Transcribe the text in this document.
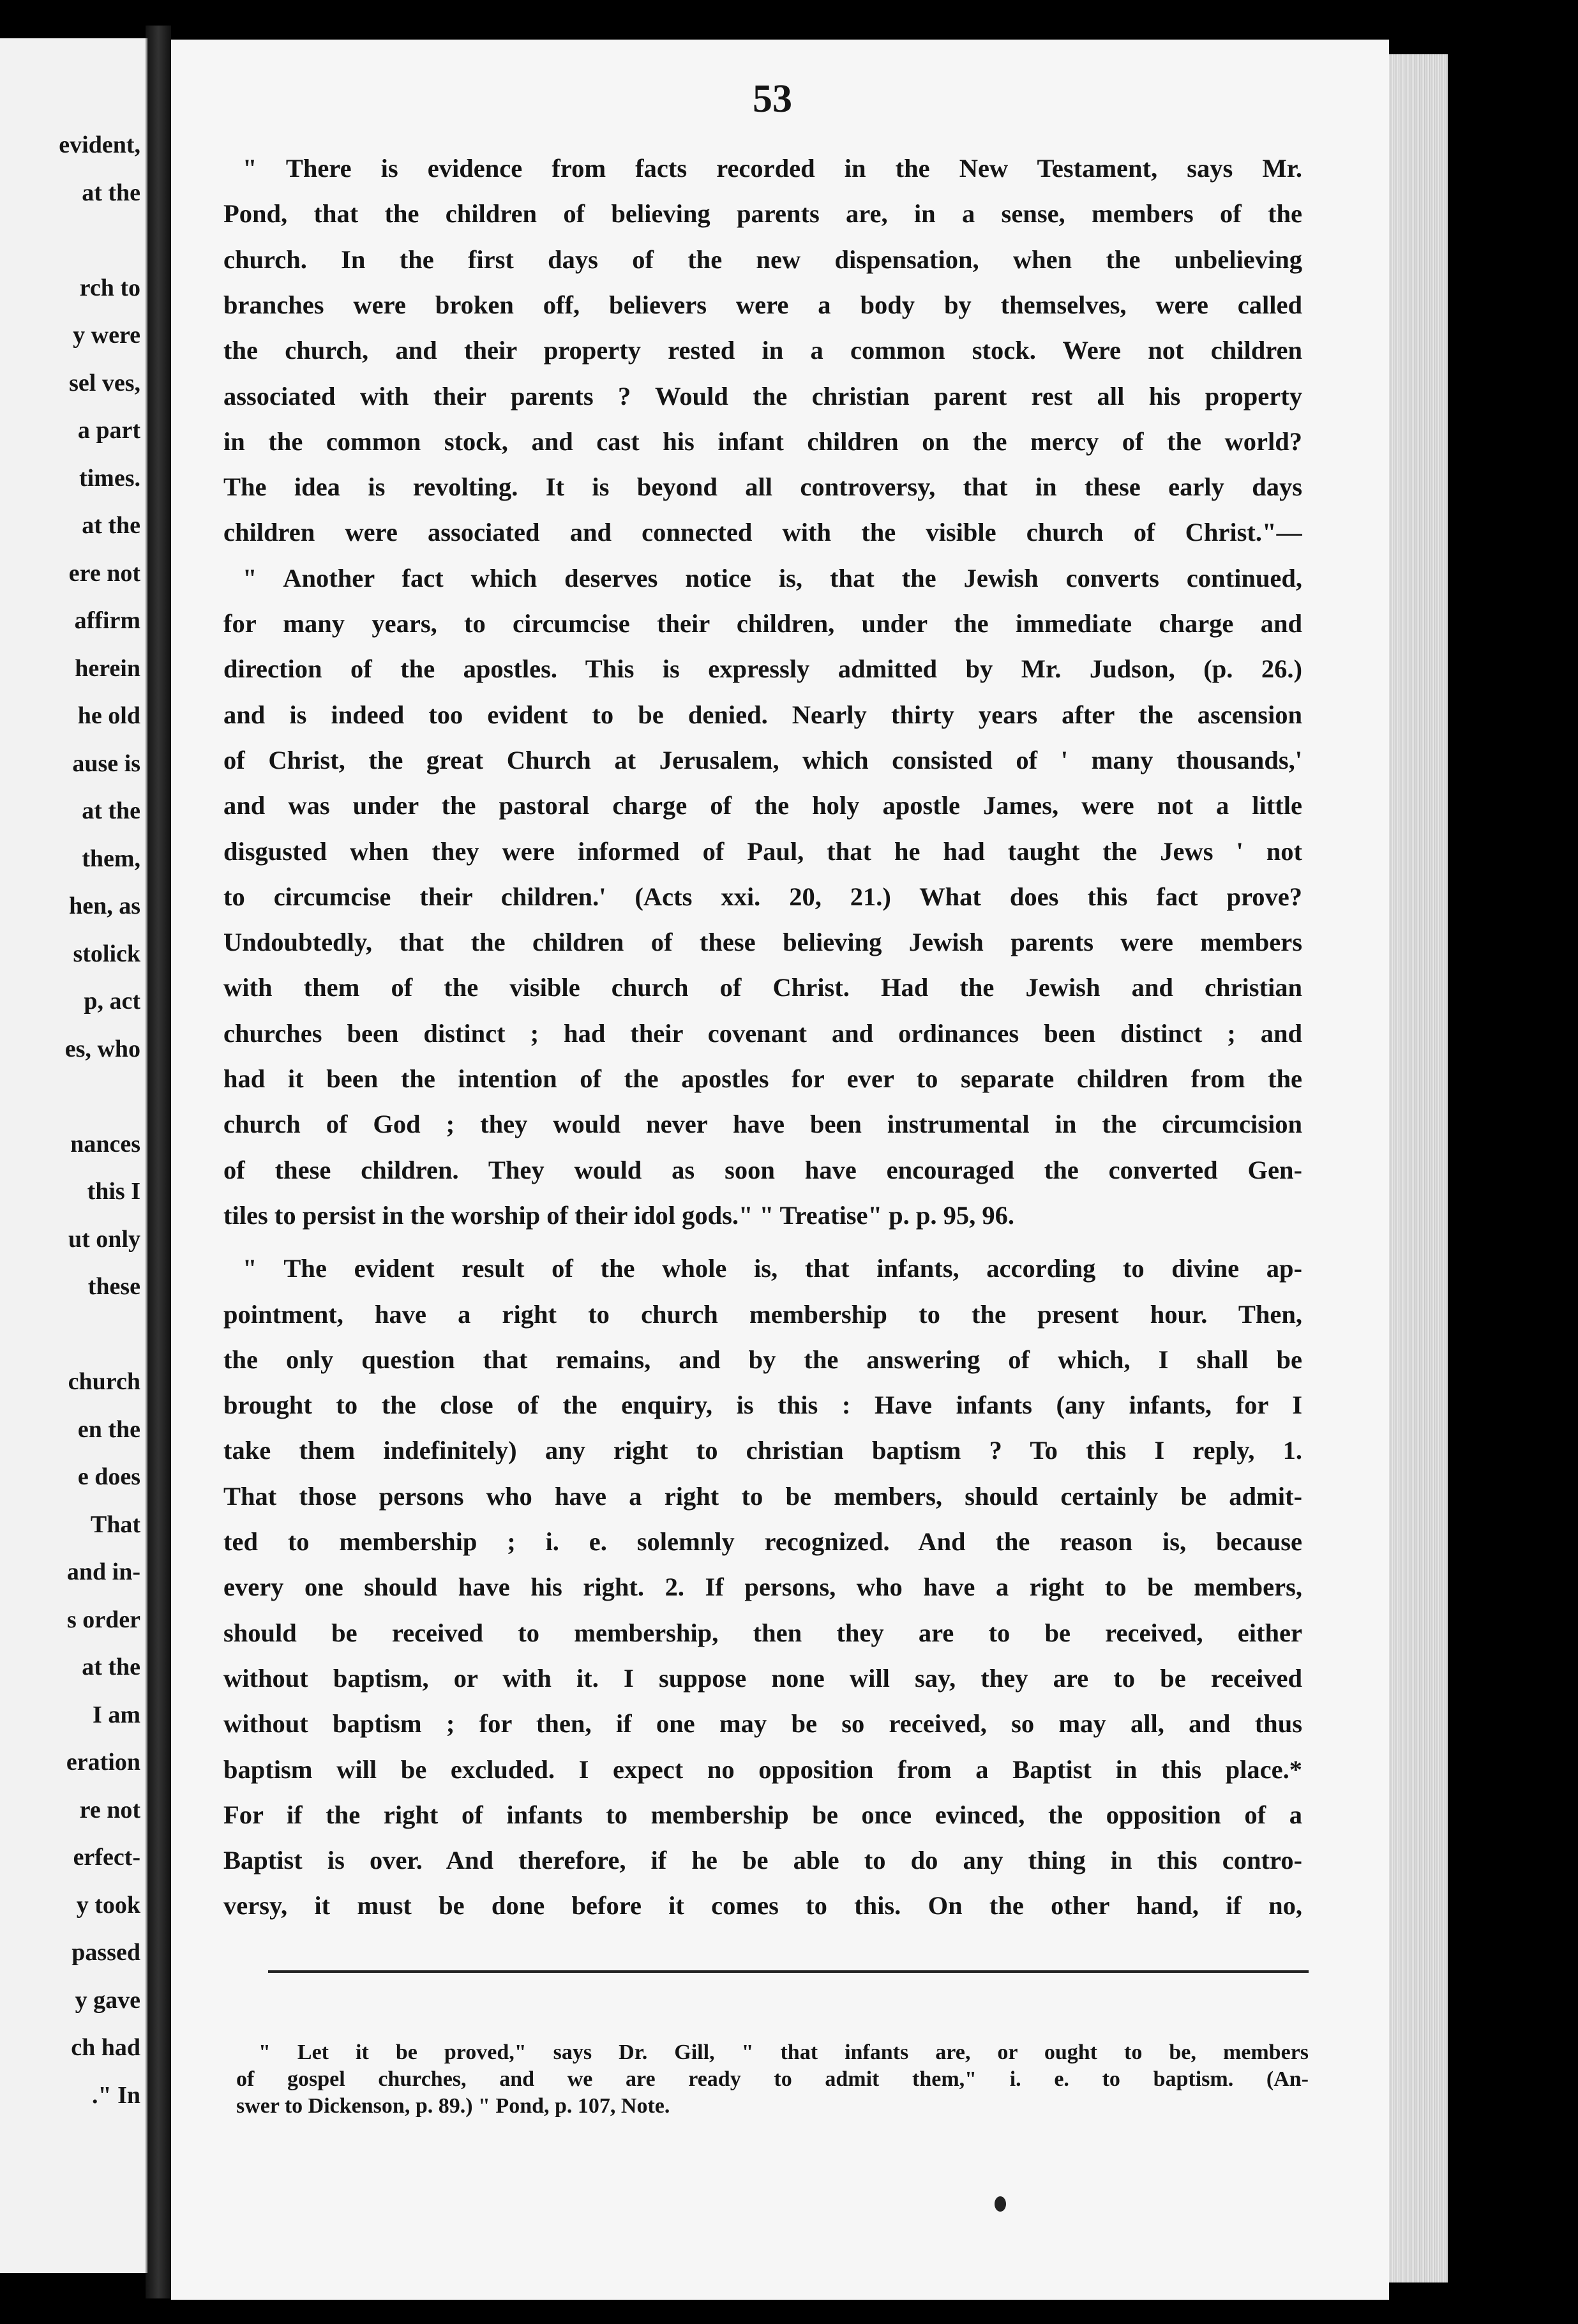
evident,
at the
rch to
y were
sel ves,
a part
times.
at the
ere not
affirm
herein
he old
ause is
at the
them,
hen, as
stolick
p, act
es, who
nances
this I
ut only
these
church
en the
e does
That
and in-
s order
at the
I am
eration
re not
erfect-
y took
passed
y gave
ch had
." In
53
" There is evidence from facts recorded in the New Testament, says Mr.
Pond, that the children of believing parents are, in a sense, members of the
church. In the first days of the new dispensation, when the unbelieving
branches were broken off, believers were a body by themselves, were called
the church, and their property rested in a common stock. Were not children
associated with their parents ? Would the christian parent rest all his property
in the common stock, and cast his infant children on the mercy of the world?
The idea is revolting. It is beyond all controversy, that in these early days
children were associated and connected with the visible church of Christ."—
" Another fact which deserves notice is, that the Jewish converts continued,
for many years, to circumcise their children, under the immediate charge and
direction of the apostles. This is expressly admitted by Mr. Judson, (p. 26.)
and is indeed too evident to be denied. Nearly thirty years after the ascension
of Christ, the great Church at Jerusalem, which consisted of ' many thousands,'
and was under the pastoral charge of the holy apostle James, were not a little
disgusted when they were informed of Paul, that he had taught the Jews ' not
to circumcise their children.' (Acts xxi. 20, 21.) What does this fact prove?
Undoubtedly, that the children of these believing Jewish parents were members
with them of the visible church of Christ. Had the Jewish and christian
churches been distinct ; had their covenant and ordinances been distinct ; and
had it been the intention of the apostles for ever to separate children from the
church of God ; they would never have been instrumental in the circumcision
of these children. They would as soon have encouraged the converted Gen-
tiles to persist in the worship of their idol gods." " Treatise" p. p. 95, 96.
" The evident result of the whole is, that infants, according to divine ap-
pointment, have a right to church membership to the present hour. Then,
the only question that remains, and by the answering of which, I shall be
brought to the close of the enquiry, is this : Have infants (any infants, for I
take them indefinitely) any right to christian baptism ? To this I reply, 1.
That those persons who have a right to be members, should certainly be admit-
ted to membership ; i. e. solemnly recognized. And the reason is, because
every one should have his right. 2. If persons, who have a right to be members,
should be received to membership, then they are to be received, either
without baptism, or with it. I suppose none will say, they are to be received
without baptism ; for then, if one may be so received, so may all, and thus
baptism will be excluded. I expect no opposition from a Baptist in this place.*
For if the right of infants to membership be once evinced, the opposition of a
Baptist is over. And therefore, if he be able to do any thing in this contro-
versy, it must be done before it comes to this. On the other hand, if no,
" Let it be proved," says Dr. Gill, " that infants are, or ought to be, members
of gospel churches, and we are ready to admit them," i. e. to baptism. (An-
swer to Dickenson, p. 89.) " Pond, p. 107, Note.
